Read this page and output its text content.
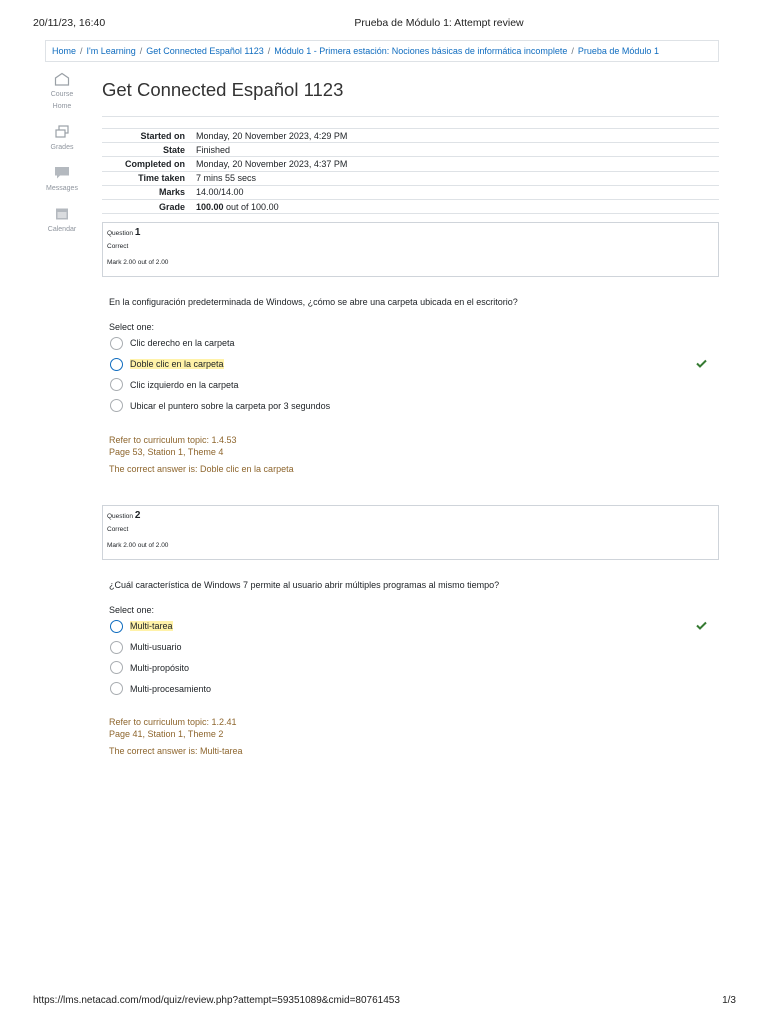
20/11/23, 16:40	Prueba de Módulo 1: Attempt review
Home / I'm Learning / Get Connected Español 1123 / Módulo 1 - Primera estación: Nociones básicas de informática incomplete / Prueba de Módulo 1
Course
Home
Grades
Messages
Calendar
Get Connected Español 1123
Started on	Monday, 20 November 2023, 4:29 PM
State	Finished
Completed on	Monday, 20 November 2023, 4:37 PM
Time taken	7 mins 55 secs
Marks	14.00/14.00
Grade	100.00 out of 100.00
Question 1
Correct
Mark 2.00 out of 2.00
En la configuración predeterminada de Windows, ¿cómo se abre una carpeta ubicada en el escritorio?
Select one:
Clic derecho en la carpeta
Doble clic en la carpeta
Clic izquierdo en la carpeta
Ubicar el puntero sobre la carpeta por 3 segundos
Refer to curriculum topic: 1.4.53
Page 53, Station 1, Theme 4
The correct answer is: Doble clic en la carpeta
Question 2
Correct
Mark 2.00 out of 2.00
¿Cuál característica de Windows 7 permite al usuario abrir múltiples programas al mismo tiempo?
Select one:
Multi-tarea
Multi-usuario
Multi-propósito
Multi-procesamiento
Refer to curriculum topic: 1.2.41
Page 41, Station 1, Theme 2
The correct answer is: Multi-tarea
https://lms.netacad.com/mod/quiz/review.php?attempt=59351089&cmid=80761453	1/3
